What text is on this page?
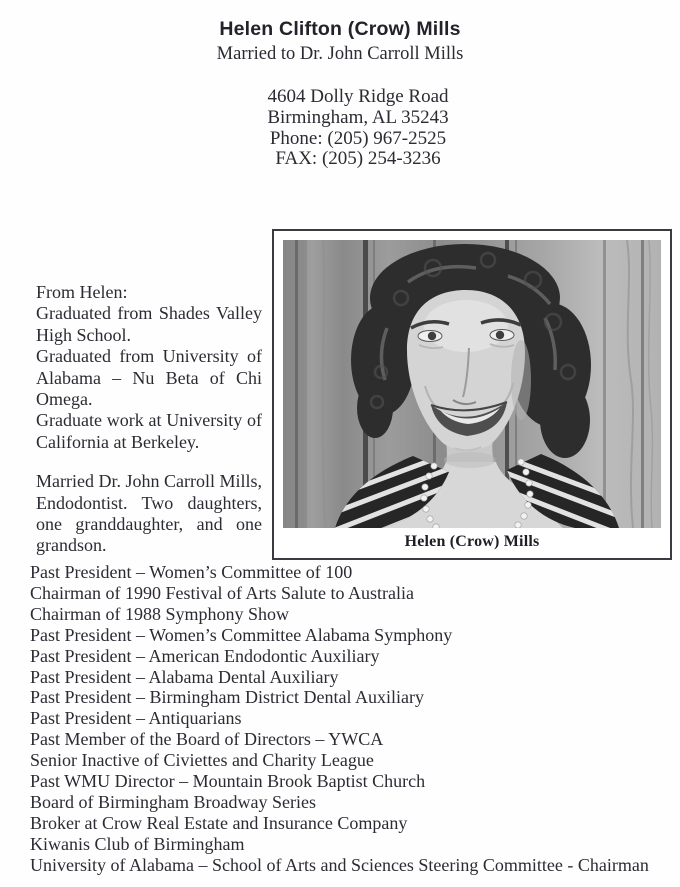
Helen Clifton (Crow) Mills
Married to Dr. John Carroll Mills
4604 Dolly Ridge Road
Birmingham, AL 35243
Phone: (205) 967-2525
FAX: (205) 254-3236
From Helen:
Graduated from Shades Valley High School.
Graduated from University of Alabama – Nu Beta of Chi Omega.
Graduate work at University of California at Berkeley.
Married Dr. John Carroll Mills, Endodontist. Two daughters, one granddaughter, and one grandson.	Helen (Crow) Mills
Past President – Women’s Committee of 100
Chairman of 1990 Festival of Arts Salute to Australia
Chairman of 1988 Symphony Show
Past President – Women’s Committee Alabama Symphony
Past President – American Endodontic Auxiliary
Past President – Alabama Dental Auxiliary
Past President – Birmingham District Dental Auxiliary
Past President – Antiquarians
Past Member of the Board of Directors – YWCA
Senior Inactive of Civiettes and Charity League
Past WMU Director – Mountain Brook Baptist Church
Board of Birmingham Broadway Series
Broker at Crow Real Estate and Insurance Company
Kiwanis Club of Birmingham
University of Alabama – School of Arts and Sciences Steering Committee - Chairman
